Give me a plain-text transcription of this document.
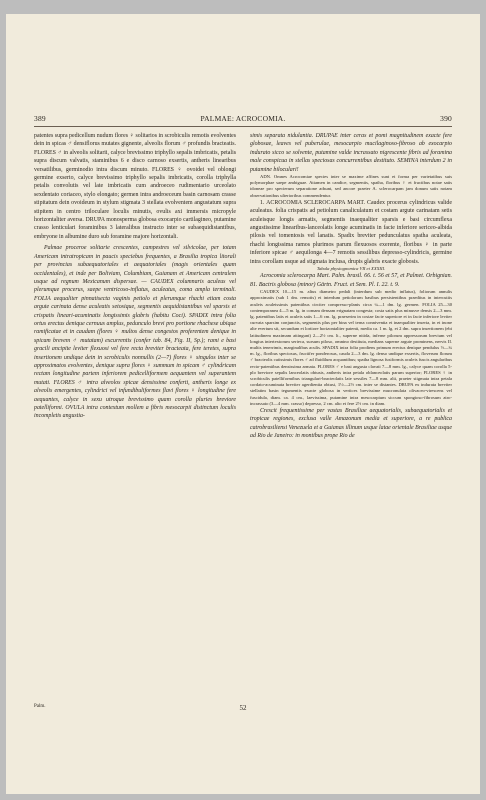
389	PALMAE: ACROCOMIA.	390

patentes supra pedicellum nudum flores ♀ solitarios in scrobiculis remotis evolventes dein in spicas ♂ densiflorus mutates gignente, alveolis florum ♂ profundis bracteatis. FLORES ♂ in alveolis solitarii, calyce brevissimo triphyllo sepalis imbricatis, petalis supra discum valvatis, staminibus 6 e disco carnoso exsertis, antheris linearibus versatilibus, germinodio intra discum minuto. FLORES ♀ ovoidei vel oblongi germine exserto, calyce brevissimo triphyllo sepalis imbricatis, corolla triphylla petalis convolutis vel late imbricatis cum androeceo rudimentario urceolato sexdentato coriaceo, stylo elongato; germen intra androeceum basin carnosam crasse stipitatum dein ovoideum in stylum stigmata 3 stellata evolventem angustatum supra stipitem in centro triloculare loculis minutis, ovulis axi immersis micropyle horizontaliter aversa. DRUPA monosperma globosa exocarpio cartilagineo, putamine crasso lenticulari foraminibus 3 lateralibus instructo inter se subaequidistantibus, embryone in albumine duro sub foramine majore horizontali.

Palmae proceroe solitarie crescentes, campestres vel silvicolae, per totam Americam intratropicam in paucis speciebus frequentes, a Brasilia tropica litorali per provincias subaequatoriales et aequatoriales (magis orientales quam occidentales), et inde per Boliviam, Columbiam, Guianam et Americam centralem usque ad regnum Mexicanum dispersae. — CAUDEX columnaris aculeus vel plerumque procerus, saepe ventricoso-inflatus, aculeatus, coma ampla terminali. FOLIA aequaliter pinnatisecta vaginis petiolo et plerumque rhachi etiam costa argute carinata dense aculeatis setosique, segmentis aequidistantibus vel sparsis et crispatis lineari-acuminatis longissimis glabris (habitu Coci). SPADIX intra folia ortus erectus denique cernuus amplus, pedunculo brevi pro portione rhachese ubique ramificatae et in caudam (flores ♀ multos dense congestos proferentem denique in spicam brevem ♂ mutatam) excurrentis (confer tab. 84, Fig. II, Sp.); rami e basi gracili ancipite leviter flexuosi vel fere recta breviter bracteata, fere teretes, supra insertionem undique dein in scrobiculis nonnullis (2—7) flores ♀ singulos inter se approximatos evolventes, denique supra flores ♀ summum in spicam ♂ cylindricam rectam longitudine partem inferiorem pedicelliformem aequantem vel superantem mutati. FLORES ♂ intra alveolos spicae densissime conferti, antheris longe ex alveolis emergentes, cylindrici vel infundibuliformes flavi flores ♀ longitudine fere aequantes, calyce in sexu utroque brevissimo quam corolla pluries breviore patelliformi. OVULA intra contextum mollem a fibris mesocarpii distinctum loculis incompletis angustia-

simis separata nidulantia. DRUPAE inter ceras et pomi magnitudinem exacte fere globosae, leaves vel puberulae, mesocarpio mucilaginoso-fibroso ab exocarpio indurato sicco se solvente, putamine valde incrassato nigrescente fibris ad foramina male conspicua in stellas speciosas concurrentibus destituto. SEMINA interdum 2 in putamine biloculari!

ADN. Omnes Acrocomiae species inter se maxime affines sunt et forma per varietatibus suis polymorphae saepe ambiguae. Attamen in candice, segmentis, spatha, floribus ♀ et fructibus notae satis idoneae pro specierum separatione adsunt, sed ancore praeter A. sclerocarpam jam donum satis notam observationibus ulterioribus commendentur.

1. ACROCOMIA SCLEROCARPA MART. Caudex procerus cylindricus valide aculeatus. folia crispatis ad petiolum canaliculatum et costam argute carinatam setis aculeisque longis armatis, segmentis inaequaliter sparsis e basi circumflexa angustissime linearibus-lanceolatis longe acuminatis in facie inferiore sericeo-albida pilosis vel tomentosis vel lanatis. Spadix breviter pedunculatus spatha aculeata, rhachi longissima ramos plurimos parum flexuosos exerente, floribus ♀ in parte inferiore spicae ♂ aequilonga 4—7 remotis sessilibus depresso-cylindricis, germine intra corollam usque ad stigmata inclusa, drupis glabris exacte globosis.

Tabula physiognomica VII et XXXIII.

Acrocomia sclerocarpa Mart. Palm. brasil. 66. t. 56 et 57, et Palmet. Orbignian. 81. Bactris globosa (minor) Gärtn. Fruct. et Sem. Pl. I. 22. t. 9.

CAUDEX 10—15 m. altus diametro pedali (interdum sub medio inflatus), foliorum annulis approximatis (sub 1 dm. remotis) et interdum petiolorum basibus persistentibus praeditus in intercutiis aculeis aculeissimis patentibus circiter compresso-planis circa ¼—1 dm. lg. germen. FOLIA 25—30 contemporanea 4—5 m. lg. in comam densam erignatam congesta; costa satis plus minusve densis 2—3 mm. lg. patentibus latis et aculeis satis 1—6 cm. lg. praeserim in costae facie superiore et in facie inferiore leviter curvata sparsim conjunctis, segmentis plus per bina vel terna conniventia et inaequaliter inserta, in et inone alte evertum sit, secundum et lortiore horizontaliter patenti, media ca. 1 m. lg. et 2 dm. supra insertionem (ebi latitudinem maximam attingunt) 2—2½ cm. lt., superne nitida, inferne pilorum appressorum brevium vel longius intertextorum serieca, sursum piloso, omnino destituta, medians superne argute prominens, nervis II. multis tenerrimis, marginalibus aculis. SPADIX intra folia prodiens primum erectus denique pendulus ½—¾ m. lg., floribus speciosus, fructifer ponderosus, cauda 2—3 dm. lg. denso undique exsertis, floverum florum ♂ bracteolis cutissimis flores ♂ ad fluidilum acquantibus; spatha lignosa fusiformis aculeis fuscis angularibus recto-patentibus densissima armata. FLORES ♂ e basi angusta clavati 7—8 mm. lg., calyce quam corolla 5-plo breviore sepalis lanceolatis obtusis, antheris intra petala oblanceolatis parum superior; FLORES ♀ in scrobiculis patelliformibus triangulari-bracteolatis late sessiles 7—8 mm. alti, praeter stigmata intra petala cordato-acuminata breviter agerdientia obtusi, 1½—2½ cm. inter se distantes. DRUPA ex indurata breviter stellatim basin tegumentis exacte globosa in vertices brevissime mucronulata olivaceo-virescens vel fuscidula, diam. ca. 4 cm., laevissima, putamine intra mesocarpium siccum spongioso-fibrosum atro-incrassato (3—4 mm. crasso) depresso, 2 cm. alto et fere 2½ cm. in diam.

Crescit frequentissime per vastas Brasiliae aequatorialis, subaequatorialis et tropicae regiones, exclusa valle Amazonum media et superiore, a re publica catrobrasiliensi Venezuela et a Guianas illinum usque latae orientale Brasiliae usque ad Rio de Janeiro: in montibus prope Rio de

Palm.	52
